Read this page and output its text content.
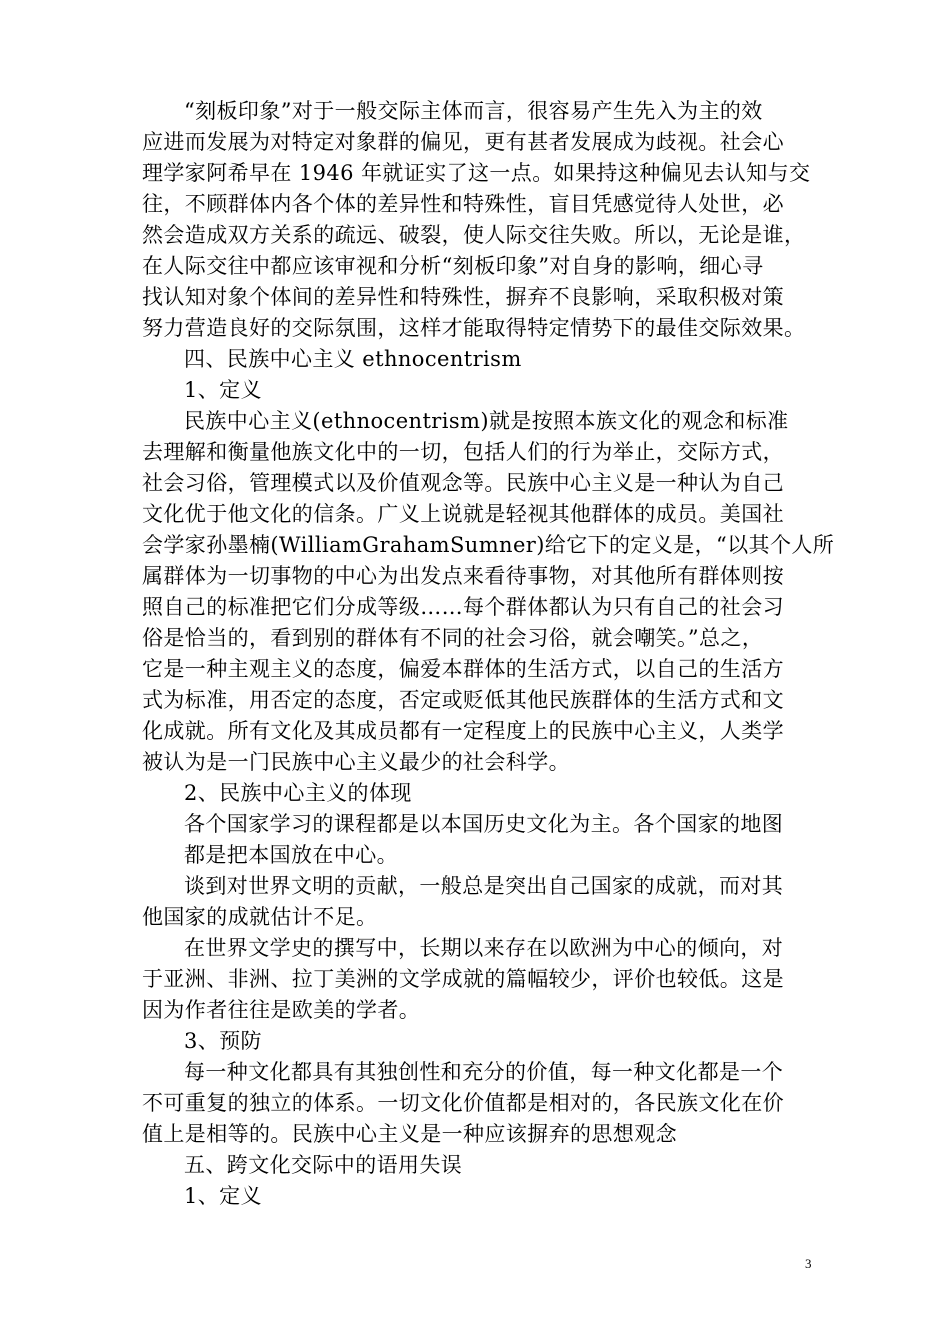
“刻板印象”对于一般交际主体而言，很容易产生先入为主的效
应进而发展为对特定对象群的偏见，更有甚者发展成为歧视。社会心
理学家阿希早在 1946 年就证实了这一点。如果持这种偏见去认知与交
往，不顾群体内各个体的差异性和特殊性，盲目凭感觉待人处世，必
然会造成双方关系的疏远、破裂，使人际交往失败。所以，无论是谁，
在人际交往中都应该审视和分析“刻板印象”对自身的影响，细心寻
找认知对象个体间的差异性和特殊性，摒弃不良影响，采取积极对策
努力营造良好的交际氛围，这样才能取得特定情势下的最佳交际效果。
四、民族中心主义 ethnocentrism
1、定义
民族中心主义(ethnocentrism)就是按照本族文化的观念和标准
去理解和衡量他族文化中的一切，包括人们的行为举止，交际方式，
社会习俗，管理模式以及价值观念等。民族中心主义是一种认为自己
文化优于他文化的信条。广义上说就是轻视其他群体的成员。美国社
会学家孙墨楠(WilliamGrahamSumner)给它下的定义是，“以其个人所
属群体为一切事物的中心为出发点来看待事物，对其他所有群体则按
照自己的标准把它们分成等级……每个群体都认为只有自己的社会习
俗是恰当的，看到别的群体有不同的社会习俗，就会嘲笑。”总之，
它是一种主观主义的态度，偏爱本群体的生活方式，以自己的生活方
式为标准，用否定的态度，否定或贬低其他民族群体的生活方式和文
化成就。所有文化及其成员都有一定程度上的民族中心主义，人类学
被认为是一门民族中心主义最少的社会科学。
2、民族中心主义的体现
各个国家学习的课程都是以本国历史文化为主。各个国家的地图
都是把本国放在中心。
谈到对世界文明的贡献，一般总是突出自己国家的成就，而对其
他国家的成就估计不足。
在世界文学史的撰写中，长期以来存在以欧洲为中心的倾向，对
于亚洲、非洲、拉丁美洲的文学成就的篇幅较少，评价也较低。这是
因为作者往往是欧美的学者。
3、预防
每一种文化都具有其独创性和充分的价值，每一种文化都是一个
不可重复的独立的体系。一切文化价值都是相对的，各民族文化在价
值上是相等的。民族中心主义是一种应该摒弃的思想观念
五、跨文化交际中的语用失误
1、定义
3
